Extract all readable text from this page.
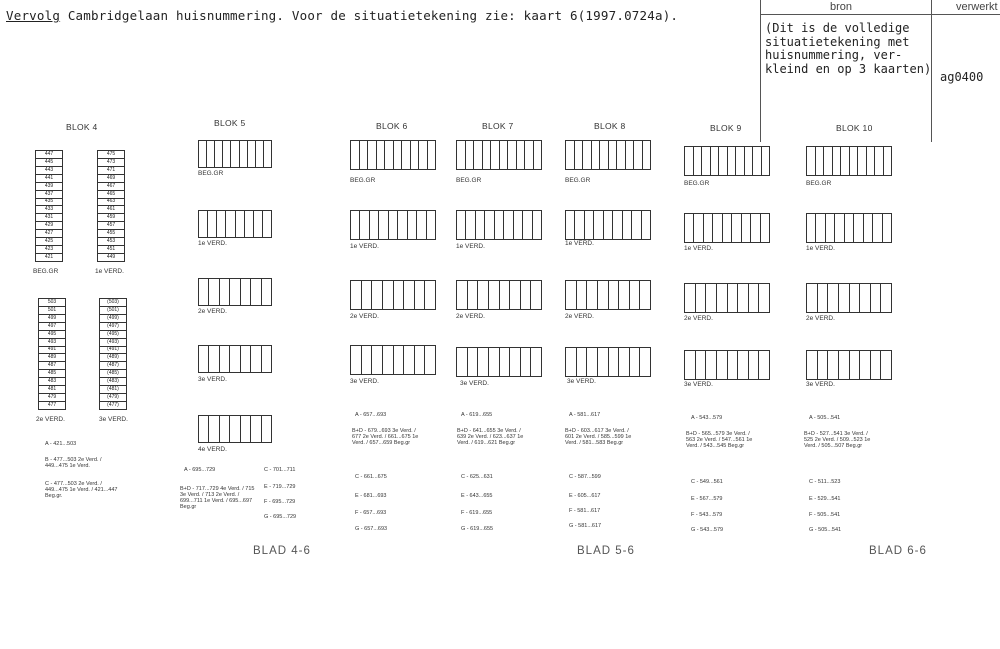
Vervolg Cambridgelaan huisnummering. Voor de situatietekening zie: kaart 6(1997.0724a).
bron	verwerkt
(Dit is de volledige
situatietekening met
huisnummering, ver-
kleind en op 3 kaarten)
ag0400
BLOK 4	BLOK 5	BLOK 6	BLOK 7	BLOK 8	BLOK 9	BLOK 10
447
445
443
441
439
437
435
433
431
429
427
425
423
421
475
473
471
469
467
465
463
461
459
457
455
453
451
449
503
501
499
497
495
493
491
489
487
485
483
481
479
477
(503)
(501)
(499)
(497)
(495)
(493)
(491)
(489)
(487)
(485)
(483)
(481)
(479)
(477)
BEG.GR	1e VERD.
2e VERD.	3e VERD.
BEG.GR
1e VERD.
2e VERD.
3e VERD.
4e VERD.
BEG.GR
1e VERD.
2e VERD.
3e VERD.
BEG.GR
1e VERD.
2e VERD.
3e VERD.
BEG.GR
1e VERD.
2e VERD.
3e VERD.
BEG.GR
1e VERD.
2e VERD.
3e VERD.
BEG.GR
1e VERD.
2e VERD.
3e VERD.
A - 421...503
B - 477...503 2e Verd. / 449...475 1e Verd.
C - 477...503 2e Verd. / 449...475 1e Verd. / 421...447 Beg.gr.
A - 695...729
B+D - 717...729 4e Verd. / 715 3e Verd. / 713 2e Verd. / 699...711 1e Verd. / 695...697 Beg.gr
C - 701...711
E - 719...729
F - 695...729
G - 695...729
A - 657...693
B+D - 679...693 3e Verd. / 677 2e Verd. / 661...675 1e Verd. / 657...659 Beg.gr
C - 661...675
E - 681...693
F - 657...693
G - 657...693
A - 619...655
B+D - 641...655 3e Verd. / 639 2e Verd. / 623...637 1e Verd. / 619...621 Beg.gr
C - 625...631
E - 643...655
F - 619...655
G - 619...655
A - 581...617
B+D - 603...617 3e Verd. / 601 2e Verd. / 585...599 1e Verd. / 581...583 Beg.gr
C - 587...599
E - 605...617
F - 581...617
G - 581...617
A - 543...579
B+D - 565...579 3e Verd. / 563 2e Verd. / 547...561 1e Verd. / 543...545 Beg.gr
C - 549...561
E - 567...579
F - 543...579
G - 543...579
A - 505...541
B+D - 527...541 3e Verd. / 525 2e Verd. / 509...523 1e Verd. / 505...507 Beg.gr
C - 511...523
E - 529...541
F - 505...541
G - 505...541
BLAD 4-6	BLAD 5-6	BLAD 6-6
